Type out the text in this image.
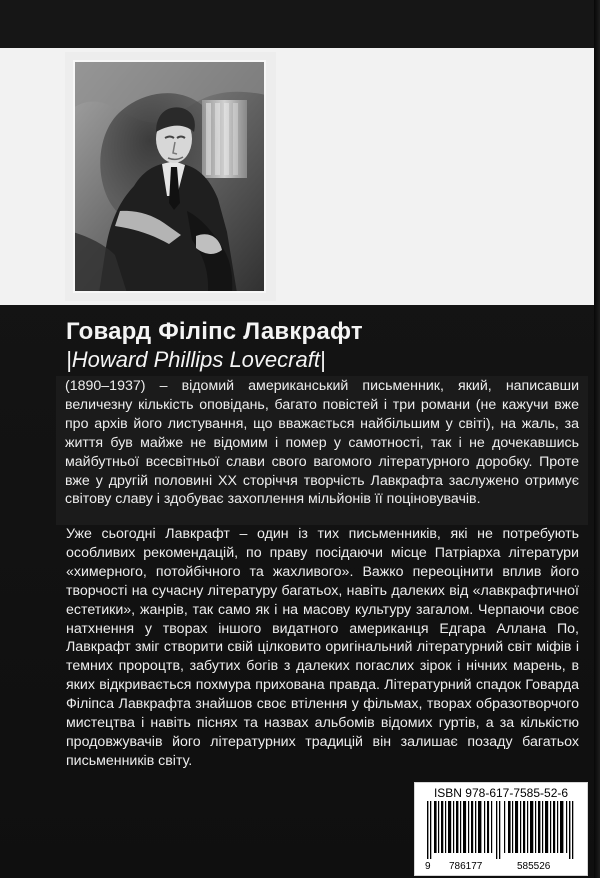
Говард Філіпс Лавкрафт
|Howard Phillips Lovecraft|

(1890–1937) – відомий американський письменник, який, написавши величезну кількість оповідань, багато повістей і три романи (не кажучи вже про архів його листування, що вважається найбільшим у світі), на жаль, за життя був майже не відомим і помер у самотності, так і не дочекавшись майбутньої всесвітньої слави свого вагомого літературного доробку. Проте вже у другій половині XX сторіччя творчість Лавкрафта заслужено отримує світову славу і здобуває захоплення мільйонів її поціновувачів.

Уже сьогодні Лавкрафт – один із тих письменників, які не потребують особливих рекомендацій, по праву посідаючи місце Патріарха літератури «химерного, потойбічного та жахливого». Важко переоцінити вплив його творчості на сучасну літературу багатьох, навіть далеких від «лавкрафтичної естетики», жанрів, так само як і на масову культуру загалом. Черпаючи своє натхнення у творах іншого видатного американця Едгара Аллана По, Лавкрафт зміг створити свій цілковито оригінальний літературний світ міфів і темних пророцтв, забутих богів з далеких погаслих зірок і нічних марень, в яких відкривається похмура прихована правда. Літературний спадок Говарда Філіпса Лавкрафта знайшов своє втілення у фільмах, творах образотворчого мистецтва і навіть піснях та назвах альбомів відомих гуртів, а за кількістю продовжувачів його літературних традицій він залишає позаду багатьох письменників світу.

ISBN 978-617-7585-52-6
9 786177	585526
